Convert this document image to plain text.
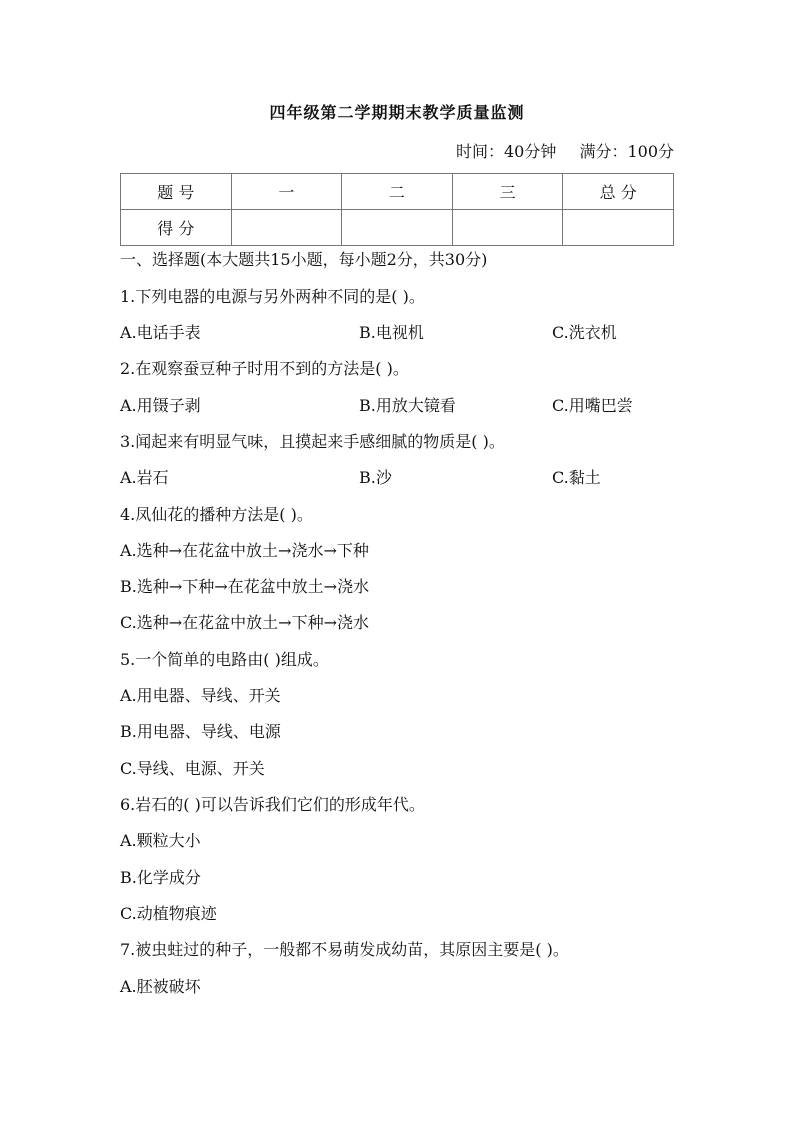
四年级第二学期期末教学质量监测
时间：40分钟 满分：100分
题 号	一	二	三	总 分
得 分				
一、选择题(本大题共15小题，每小题2分，共30分)
1.下列电器的电源与另外两种不同的是( )。
A.电话手表	B.电视机	C.洗衣机
2.在观察蚕豆种子时用不到的方法是( )。
A.用镊子剥	B.用放大镜看	C.用嘴巴尝
3.闻起来有明显气味，且摸起来手感细腻的物质是( )。
A.岩石	B.沙	C.黏土
4.凤仙花的播种方法是( )。
A.选种→在花盆中放土→浇水→下种
B.选种→下种→在花盆中放土→浇水
C.选种→在花盆中放土→下种→浇水
5.一个简单的电路由( )组成。
A.用电器、导线、开关
B.用电器、导线、电源
C.导线、电源、开关
6.岩石的( )可以告诉我们它们的形成年代。
A.颗粒大小
B.化学成分
C.动植物痕迹
7.被虫蛀过的种子，一般都不易萌发成幼苗，其原因主要是( )。
A.胚被破坏
